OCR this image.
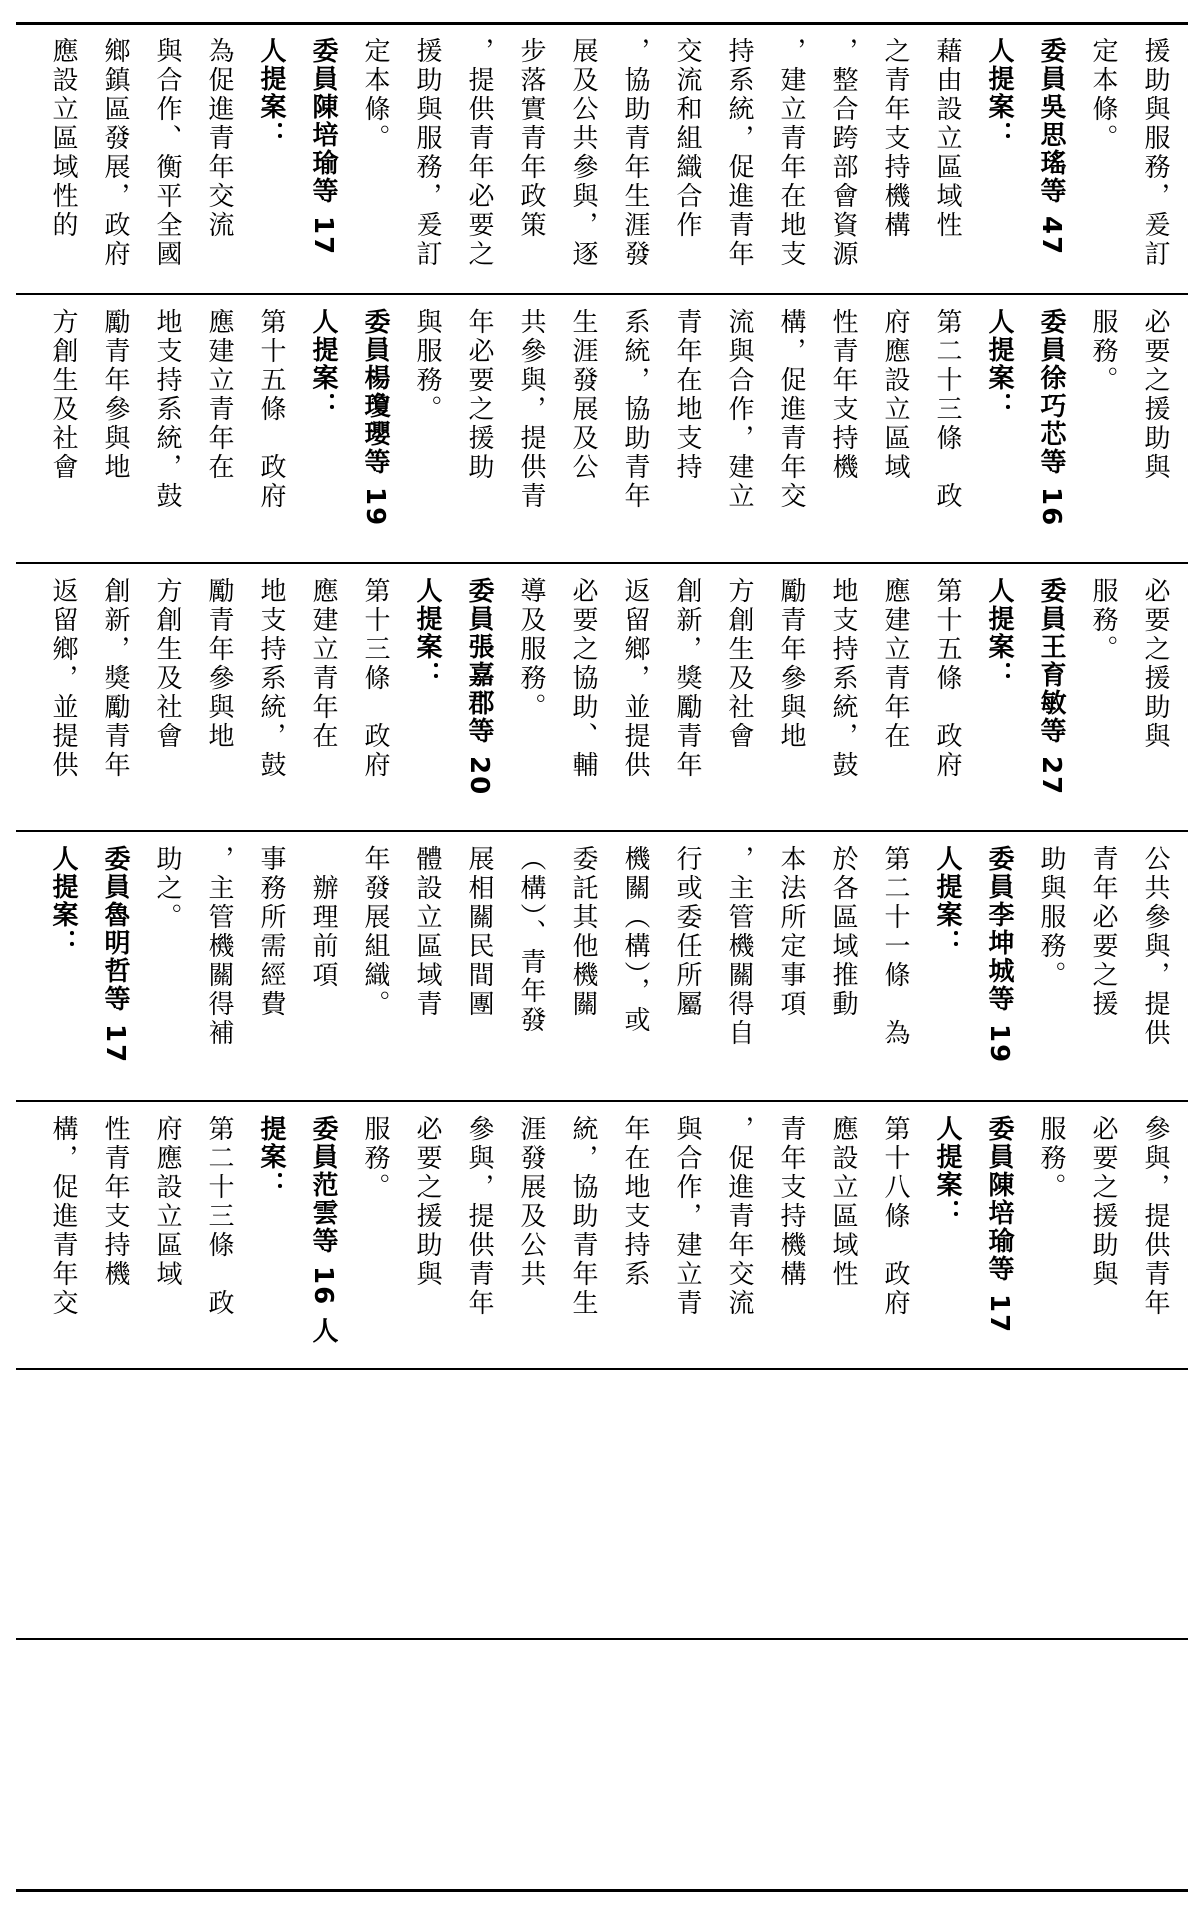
援助與服務，爰訂
定本條。
委員吳思瑤等 47
人提案：
藉由設立區域性
之青年支持機構
，整合跨部會資源
，建立青年在地支
持系統，促進青年
交流和組織合作
，協助青年生涯發
展及公共參與，逐
步落實青年政策
，提供青年必要之
援助與服務，爰訂
定本條。
委員陳培瑜等 17
人提案：
為促進青年交流
與合作、衡平全國
鄉鎮區發展，政府
應設立區域性的
必要之援助與
服務。
委員徐巧芯等 16
人提案：
第二十三條　政
府應設立區域
性青年支持機
構，促進青年交
流與合作，建立
青年在地支持
系統，協助青年
生涯發展及公
共參與，提供青
年必要之援助
與服務。
委員楊瓊瓔等 19
人提案：
第十五條　政府
應建立青年在
地支持系統，鼓
勵青年參與地
方創生及社會
必要之援助與
服務。
委員王育敏等 27
人提案：
第十五條　政府
應建立青年在
地支持系統，鼓
勵青年參與地
方創生及社會
創新，獎勵青年
返留鄉，並提供
必要之協助、輔
導及服務。
委員張嘉郡等 20
人提案：
第十三條　政府
應建立青年在
地支持系統，鼓
勵青年參與地
方創生及社會
創新，獎勵青年
返留鄉，並提供
公共參與，提供
青年必要之援
助與服務。
委員李坤城等 19
人提案：
第二十一條　為
於各區域推動
本法所定事項
，主管機關得自
行或委任所屬
機關（構），或
委託其他機關
（構）、青年發
展相關民間團
體設立區域青
年發展組織。
　辦理前項
事務所需經費
，主管機關得補
助之。
委員魯明哲等 17
人提案：
參與，提供青年
必要之援助與
服務。
委員陳培瑜等 17
人提案：
第十八條　政府
應設立區域性
青年支持機構
，促進青年交流
與合作，建立青
年在地支持系
統，協助青年生
涯發展及公共
參與，提供青年
必要之援助與
服務。
委員范雲等 16 人
提案：
第二十三條　政
府應設立區域
性青年支持機
構，促進青年交
